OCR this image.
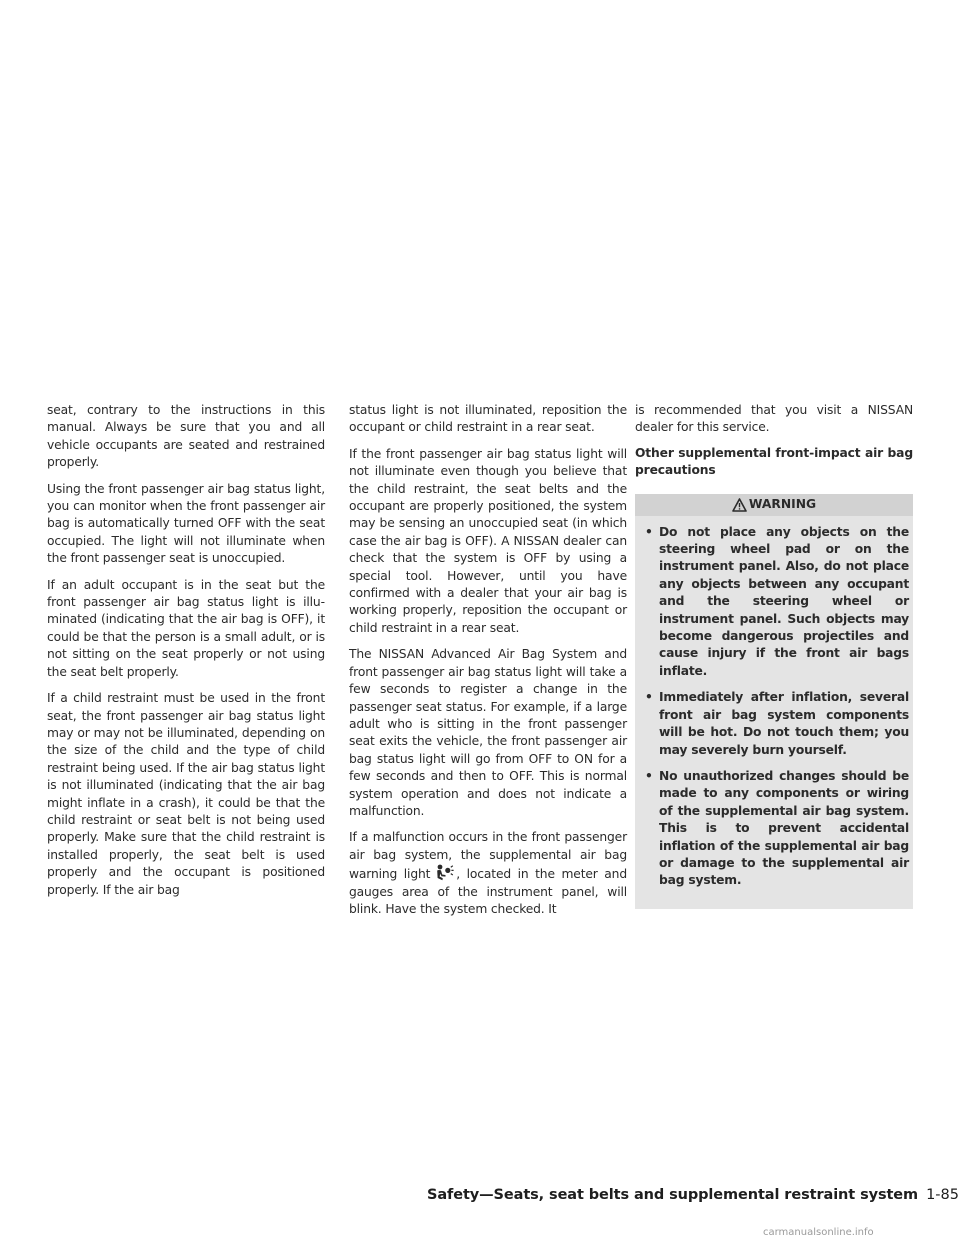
seat, contrary to the instructions in this manual. Always be sure that you and all vehicle occupants are seated and restrained properly.

Using the front passenger air bag status light, you can monitor when the front passenger air bag is automatically turned OFF with the seat occupied. The light will not illuminate when the front passenger seat is unoccupied.

If an adult occupant is in the seat but the front passenger air bag status light is illuminated (indicating that the air bag is OFF), it could be that the person is a small adult, or is not sitting on the seat properly or not using the seat belt properly.

If a child restraint must be used in the front seat, the front passenger air bag status light may or may not be illuminated, depending on the size of the child and the type of child restraint being used. If the air bag status light is not illuminated (indicating that the air bag might inflate in a crash), it could be that the child restraint or seat belt is not being used properly. Make sure that the child restraint is installed properly, the seat belt is used properly and the occupant is positioned properly. If the air bag

status light is not illuminated, reposition the occupant or child restraint in a rear seat.

If the front passenger air bag status light will not illuminate even though you believe that the child restraint, the seat belts and the occupant are properly positioned, the system may be sensing an unoccupied seat (in which case the air bag is OFF). A NISSAN dealer can check that the system is OFF by using a special tool. However, until you have confirmed with a dealer that your air bag is working properly, reposition the occupant or child restraint in a rear seat.

The NISSAN Advanced Air Bag System and front passenger air bag status light will take a few seconds to register a change in the passenger seat status. For example, if a large adult who is sitting in the front passenger seat exits the vehicle, the front passenger air bag status light will go from OFF to ON for a few seconds and then to OFF. This is normal system operation and does not indicate a malfunction.

If a malfunction occurs in the front passenger air bag system, the supplemental air bag warning light , located in the meter and gauges area of the instrument panel, will blink. Have the system checked. It

is recommended that you visit a NISSAN dealer for this service.

Other supplemental front-impact air bag precautions
WARNING
• Do not place any objects on the steering wheel pad or on the instrument panel. Also, do not place any objects between any occupant and the steering wheel or instrument panel. Such objects may become dangerous projectiles and cause injury if the front air bags inflate.
• Immediately after inflation, several front air bag system components will be hot. Do not touch them; you may severely burn yourself.
• No unauthorized changes should be made to any components or wiring of the supplemental air bag system. This is to prevent accidental inflation of the supplemental air bag or damage to the supplemental air bag system.
Safety—Seats, seat belts and supplemental restraint system 1-85
carmanualsonline.info
